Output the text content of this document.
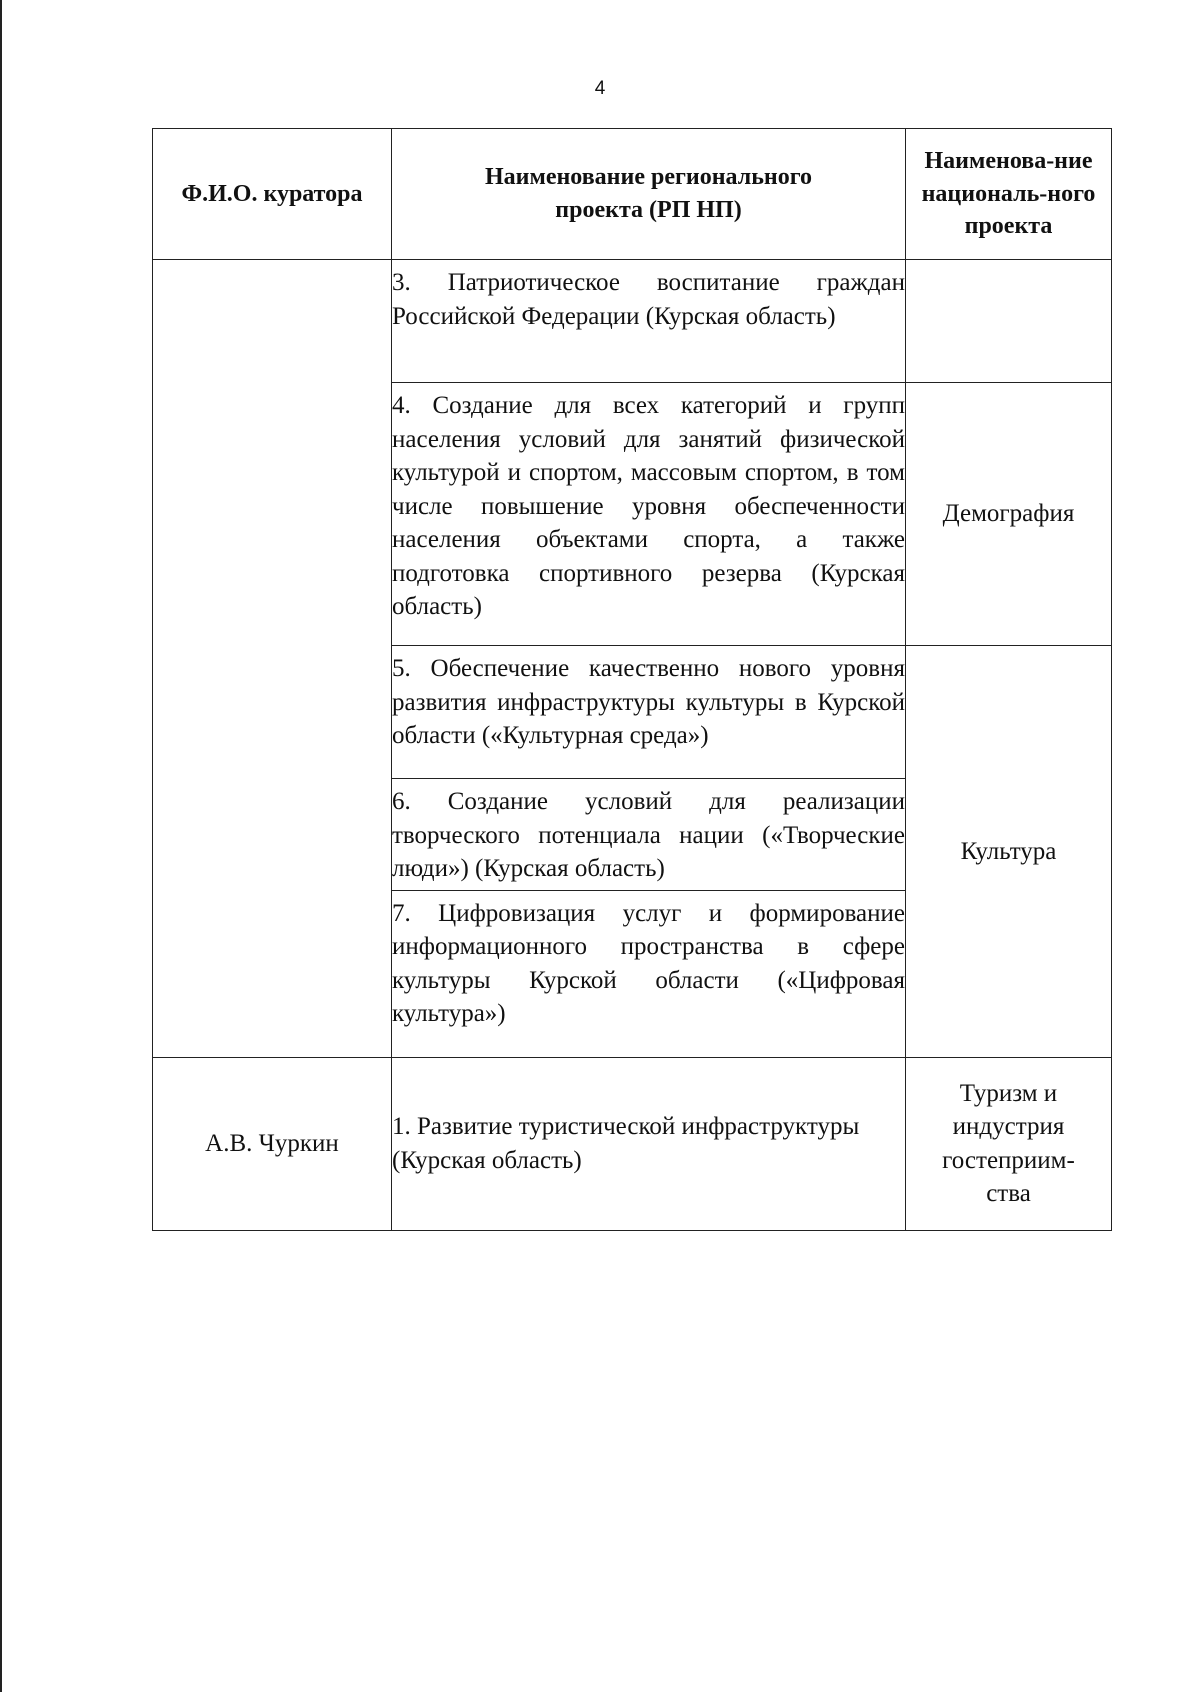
4
Ф.И.О. куратора	Наименование регионального проекта (РП НП)	Наименова-ние националь-ного проекта

	3. Патриотическое воспитание граждан Российской Федерации (Курская область)	

	4. Создание для всех категорий и групп населения условий для занятий физической культурой и спортом, массовым спортом, в том числе повышение уровня обеспеченности населения объектами спорта, а также подготовка спортивного резерва (Курская область)	Демография

	5. Обеспечение качественно нового уровня развития инфраструктуры культуры в Курской области («Культурная среда»)	Культура

	6. Создание условий для реализации творческого потенциала нации («Творческие люди») (Курская область)	

	7. Цифровизация услуг и формирование информационного пространства в сфере культуры Курской области («Цифровая культура»)	

А.В. Чуркин	1. Развитие туристической инфраструктуры (Курская область)	Туризм и индустрия гостеприим-ства
